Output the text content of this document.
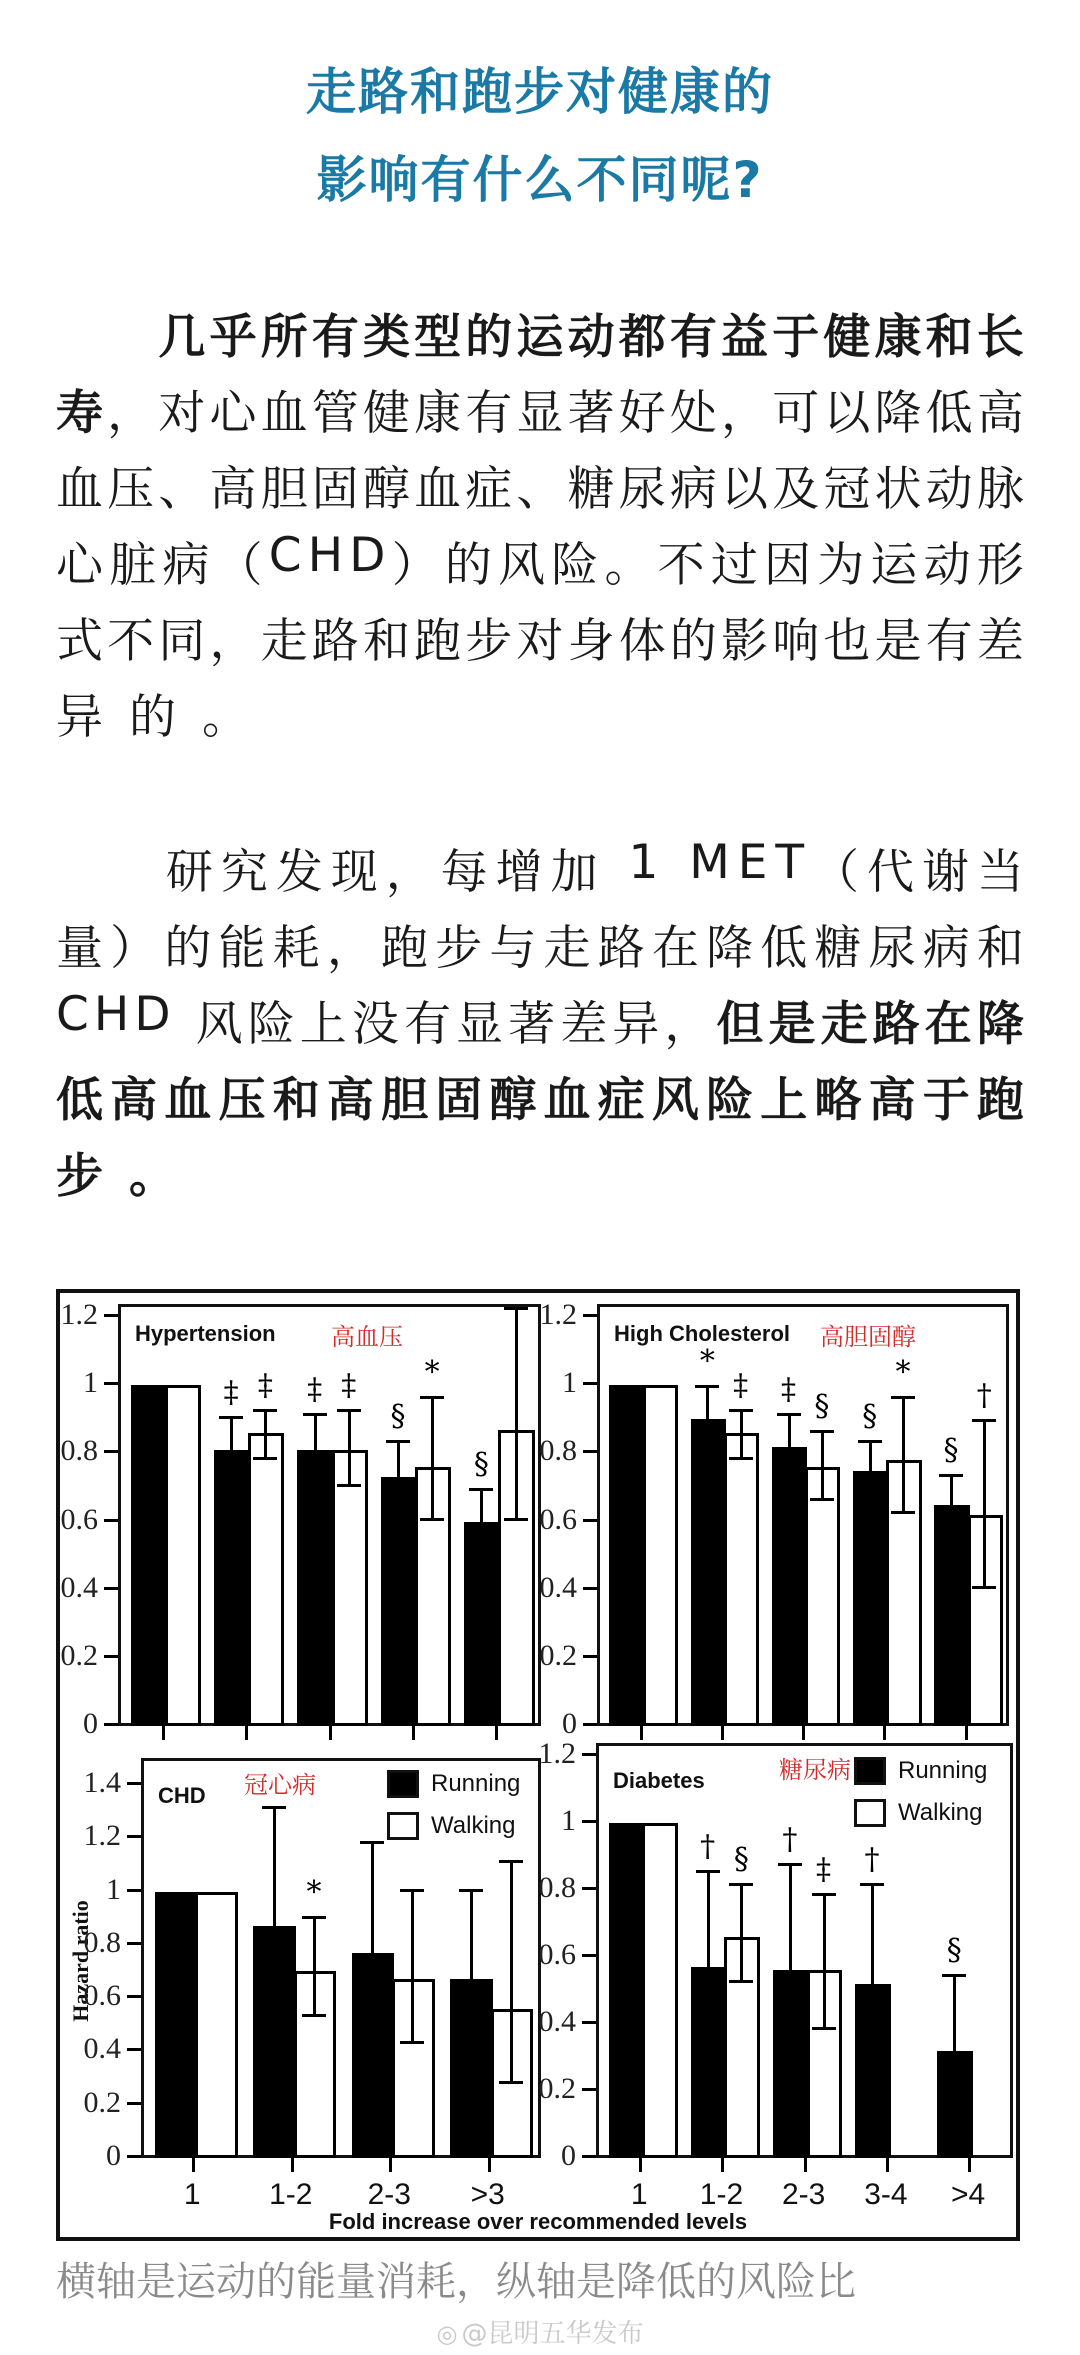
走路和跑步对健康的
影响有什么不同呢?

几 乎 所 有 类 型 的 运 动 都 有 益 于 健 康 和 长
寿 ， 对 心 血 管 健 康 有 显 著 好 处 ， 可 以 降 低 高
血 压 、 高 胆 固 醇 血 症 、 糖 尿 病 以 及 冠 状 动 脉
心 脏 病 （ C H D ） 的 风 险 。 不 过 因 为 运 动 形
式 不 同 ， 走 路 和 跑 步 对 身 体 的 影 响 也 是 有 差
异 的 。

研 究 发 现 ， 每 增 加
1
M E T （ 代 谢 当
量 ） 的 能 耗 ， 跑 步 与 走 路 在 降 低 糖 尿 病 和
C H D
风 险 上 没 有 显 著 差 异 ， 但 是 走 路 在 降
低 高 血 压 和 高 胆 固 醇 血 症 风 险 上 略 高 于 跑
步 。
Hazard ratio
Fold increase over recommended levels
‡ ‡ ‡ ‡
§
*
§
Hypertension 高血压
0
0.2
0.4
0.6
0.8
1
1.2
*
‡ ‡ § §
*
§
†
High Cholesterol 高胆固醇
0
0.2
0.4
0.6
0.8
1
1.2
*
CHD 冠心病	Running
Walking
0
0.2
0.4
0.6
0.8
1
1.2
1.4
1 1-2 2-3 >3
† §
†
‡ †
§
Diabetes	糖尿病 Running
Walking
0
0.2
0.4
0.6
0.8
1
1.2
1 1-2 2-3 3-4 >4
横轴是运动的能量消耗，纵轴是降低的风险比
◎ @昆明五华发布
